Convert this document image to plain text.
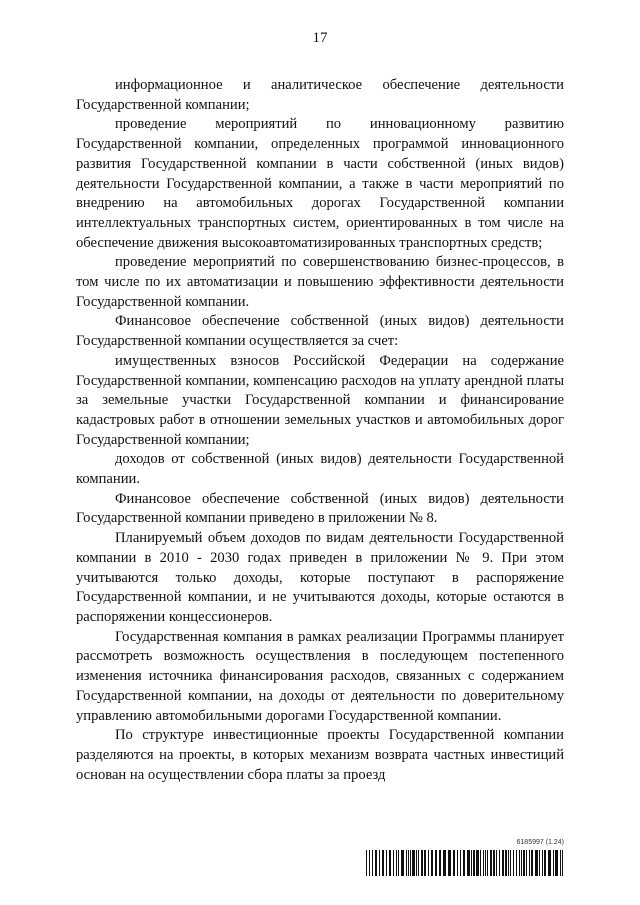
17

информационное и аналитическое обеспечение деятельности Государственной компании;

проведение мероприятий по инновационному развитию Государственной компании, определенных программой инновационного развития Государственной компании в части собственной (иных видов) деятельности Государственной компании, а также в части мероприятий по внедрению на автомобильных дорогах Государственной компании интеллектуальных транспортных систем, ориентированных в том числе на обеспечение движения высокоавтоматизированных транспортных средств;

проведение мероприятий по совершенствованию бизнес-процессов, в том числе по их автоматизации и повышению эффективности деятельности Государственной компании.

Финансовое обеспечение собственной (иных видов) деятельности Государственной компании осуществляется за счет:

имущественных взносов Российской Федерации на содержание Государственной компании, компенсацию расходов на уплату арендной платы за земельные участки Государственной компании и финансирование кадастровых работ в отношении земельных участков и автомобильных дорог Государственной компании;

доходов от собственной (иных видов) деятельности Государственной компании.

Финансовое обеспечение собственной (иных видов) деятельности Государственной компании приведено в приложении № 8.

Планируемый объем доходов по видам деятельности Государственной компании в 2010 - 2030 годах приведен в приложении № 9. При этом учитываются только доходы, которые поступают в распоряжение Государственной компании, и не учитываются доходы, которые остаются в распоряжении концессионеров.

Государственная компания в рамках реализации Программы планирует рассмотреть возможность осуществления в последующем постепенного изменения источника финансирования расходов, связанных с содержанием Государственной компании, на доходы от деятельности по доверительному управлению автомобильными дорогами Государственной компании.

По структуре инвестиционные проекты Государственной компании разделяются на проекты, в которых механизм возврата частных инвестиций основан на осуществлении сбора платы за проезд

6185997 (1.24)
